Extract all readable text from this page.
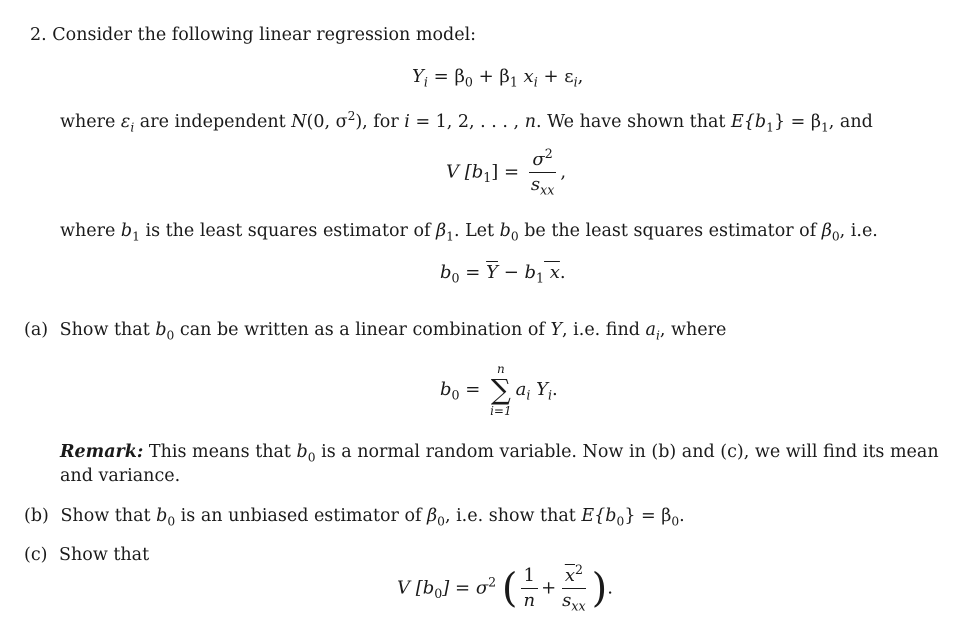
2. Consider the following linear regression model:
$Y_i = \beta_0 + \beta_1$ $x_i + \varepsilon_i$,
where $\varepsilon_i$ are independent N(0, $\sigma^2$), for i = 1, 2, . . . , n. We have shown that $E\{b_1\} = \beta_1$, and
V $[b_1] = \frac{\sigma^2}{s_{xx}}$ ,
where $b_1$ is the least squares estimator of $\beta_1$. Let $b_0$ be the least squares estimator of $\beta_0$, i.e.
$b_0 = \overline{Y} - b_1$ x.
(a) Show that $b_0$ can be written as a linear combination of Y, i.e. find $a_i$, where
$b_0$ =
n
∑
i=1
$a_i$ $Y_i$.
Remark: This means that $b_0$ is a normal random variable. Now in (b) and (c), we will find its mean
and variance.
(b) Show that $b_0$ is an unbiased estimator of $\beta_0$, i.e. show that $E\{b_0\} = \beta_0$.
(c) Show that
V $[b_0] = \sigma^2$ ( $\frac{1}{n} + \frac{\overline{x}^2}{s_{xx}}$ ).
